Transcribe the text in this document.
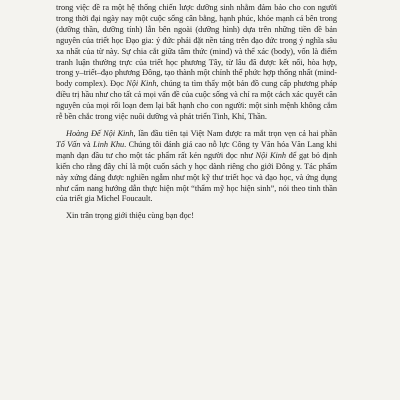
trong việc đề ra một hệ thống chiến lược dưỡng sinh nhằm đảm bảo cho con người trong thời đại ngày nay một cuộc sống cân bằng, hạnh phúc, khỏe mạnh cả bên trong (dưỡng thần, dưỡng tính) lẫn bên ngoài (dưỡng hình) dựa trên những tiền đề bản nguyên của triết học Đạo gia: ý đức phải đặt nền tảng trên đạo đức trong ý nghĩa sâu xa nhất của từ này. Sự chia cắt giữa tâm thức (mind) và thể xác (body), vốn là điểm tranh luận thường trực của triết học phương Tây, từ lâu đã được kết nối, hòa hợp, trong y–triết–đạo phương Đông, tạo thành một chỉnh thể phức hợp thống nhất (mind-body complex). Đọc Nội Kinh, chúng ta tìm thấy một bản đồ cung cấp phương pháp điều trị hầu như cho tất cả mọi vấn đề của cuộc sống và chỉ ra một cách xác quyết căn nguyên của mọi rối loạn đem lại bất hạnh cho con người: một sinh mệnh không cắm rễ bền chắc trong việc nuôi dưỡng và phát triển Tinh, Khí, Thần.

Hoàng Đế Nội Kinh, lần đầu tiên tại Việt Nam được ra mắt trọn vẹn cả hai phần Tố Vấn và Linh Khu. Chúng tôi đánh giá cao nỗ lực Công ty Văn hóa Văn Lang khi mạnh dạn đầu tư cho một tác phẩm rất kén người đọc như Nội Kinh để gạt bỏ định kiến cho rằng đây chỉ là một cuốn sách y học dành riêng cho giới Đông y. Tác phẩm này xứng đáng được nghiền ngẫm như một kỹ thư triết học và đạo học, và ứng dụng như cẩm nang hướng dẫn thực hiện một “thẩm mỹ học hiện sinh”, nói theo tinh thần của triết gia Michel Foucault.

Xin trân trọng giới thiệu cùng bạn đọc!
